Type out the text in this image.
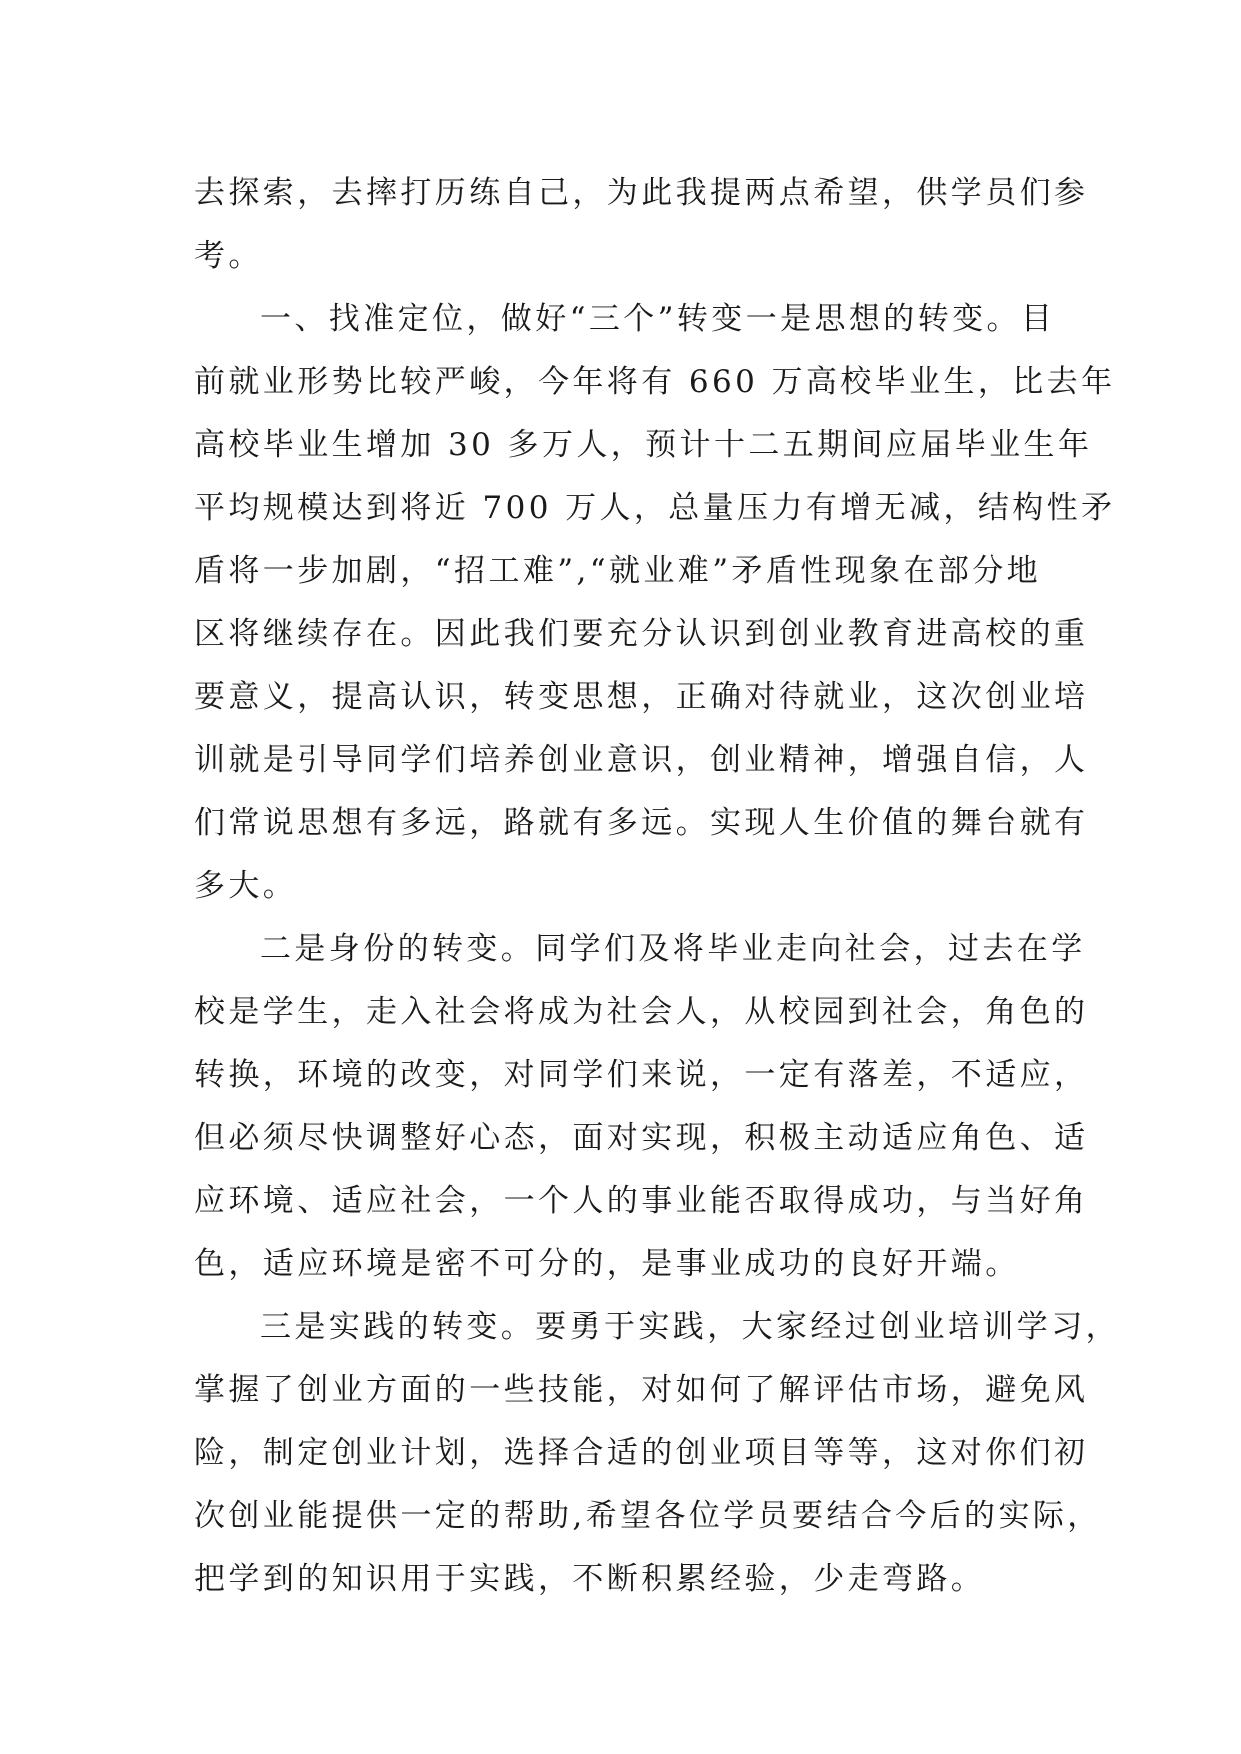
去探索，去摔打历练自己，为此我提两点希望，供学员们参
考。
一、找准定位，做好“三个”转变一是思想的转变。目
前就业形势比较严峻，今年将有 660 万高校毕业生，比去年
高校毕业生增加 30 多万人，预计十二五期间应届毕业生年
平均规模达到将近 700 万人，总量压力有增无减，结构性矛
盾将一步加剧，“招工难”,“就业难”矛盾性现象在部分地
区将继续存在。因此我们要充分认识到创业教育进高校的重
要意义，提高认识，转变思想，正确对待就业，这次创业培
训就是引导同学们培养创业意识，创业精神，增强自信，人
们常说思想有多远，路就有多远。实现人生价值的舞台就有
多大。
二是身份的转变。同学们及将毕业走向社会，过去在学
校是学生，走入社会将成为社会人，从校园到社会，角色的
转换，环境的改变，对同学们来说，一定有落差，不适应，
但必须尽快调整好心态，面对实现，积极主动适应角色、适
应环境、适应社会，一个人的事业能否取得成功，与当好角
色，适应环境是密不可分的，是事业成功的良好开端。
三是实践的转变。要勇于实践，大家经过创业培训学习，
掌握了创业方面的一些技能，对如何了解评估市场，避免风
险，制定创业计划，选择合适的创业项目等等，这对你们初
次创业能提供一定的帮助,希望各位学员要结合今后的实际，
把学到的知识用于实践，不断积累经验，少走弯路。
